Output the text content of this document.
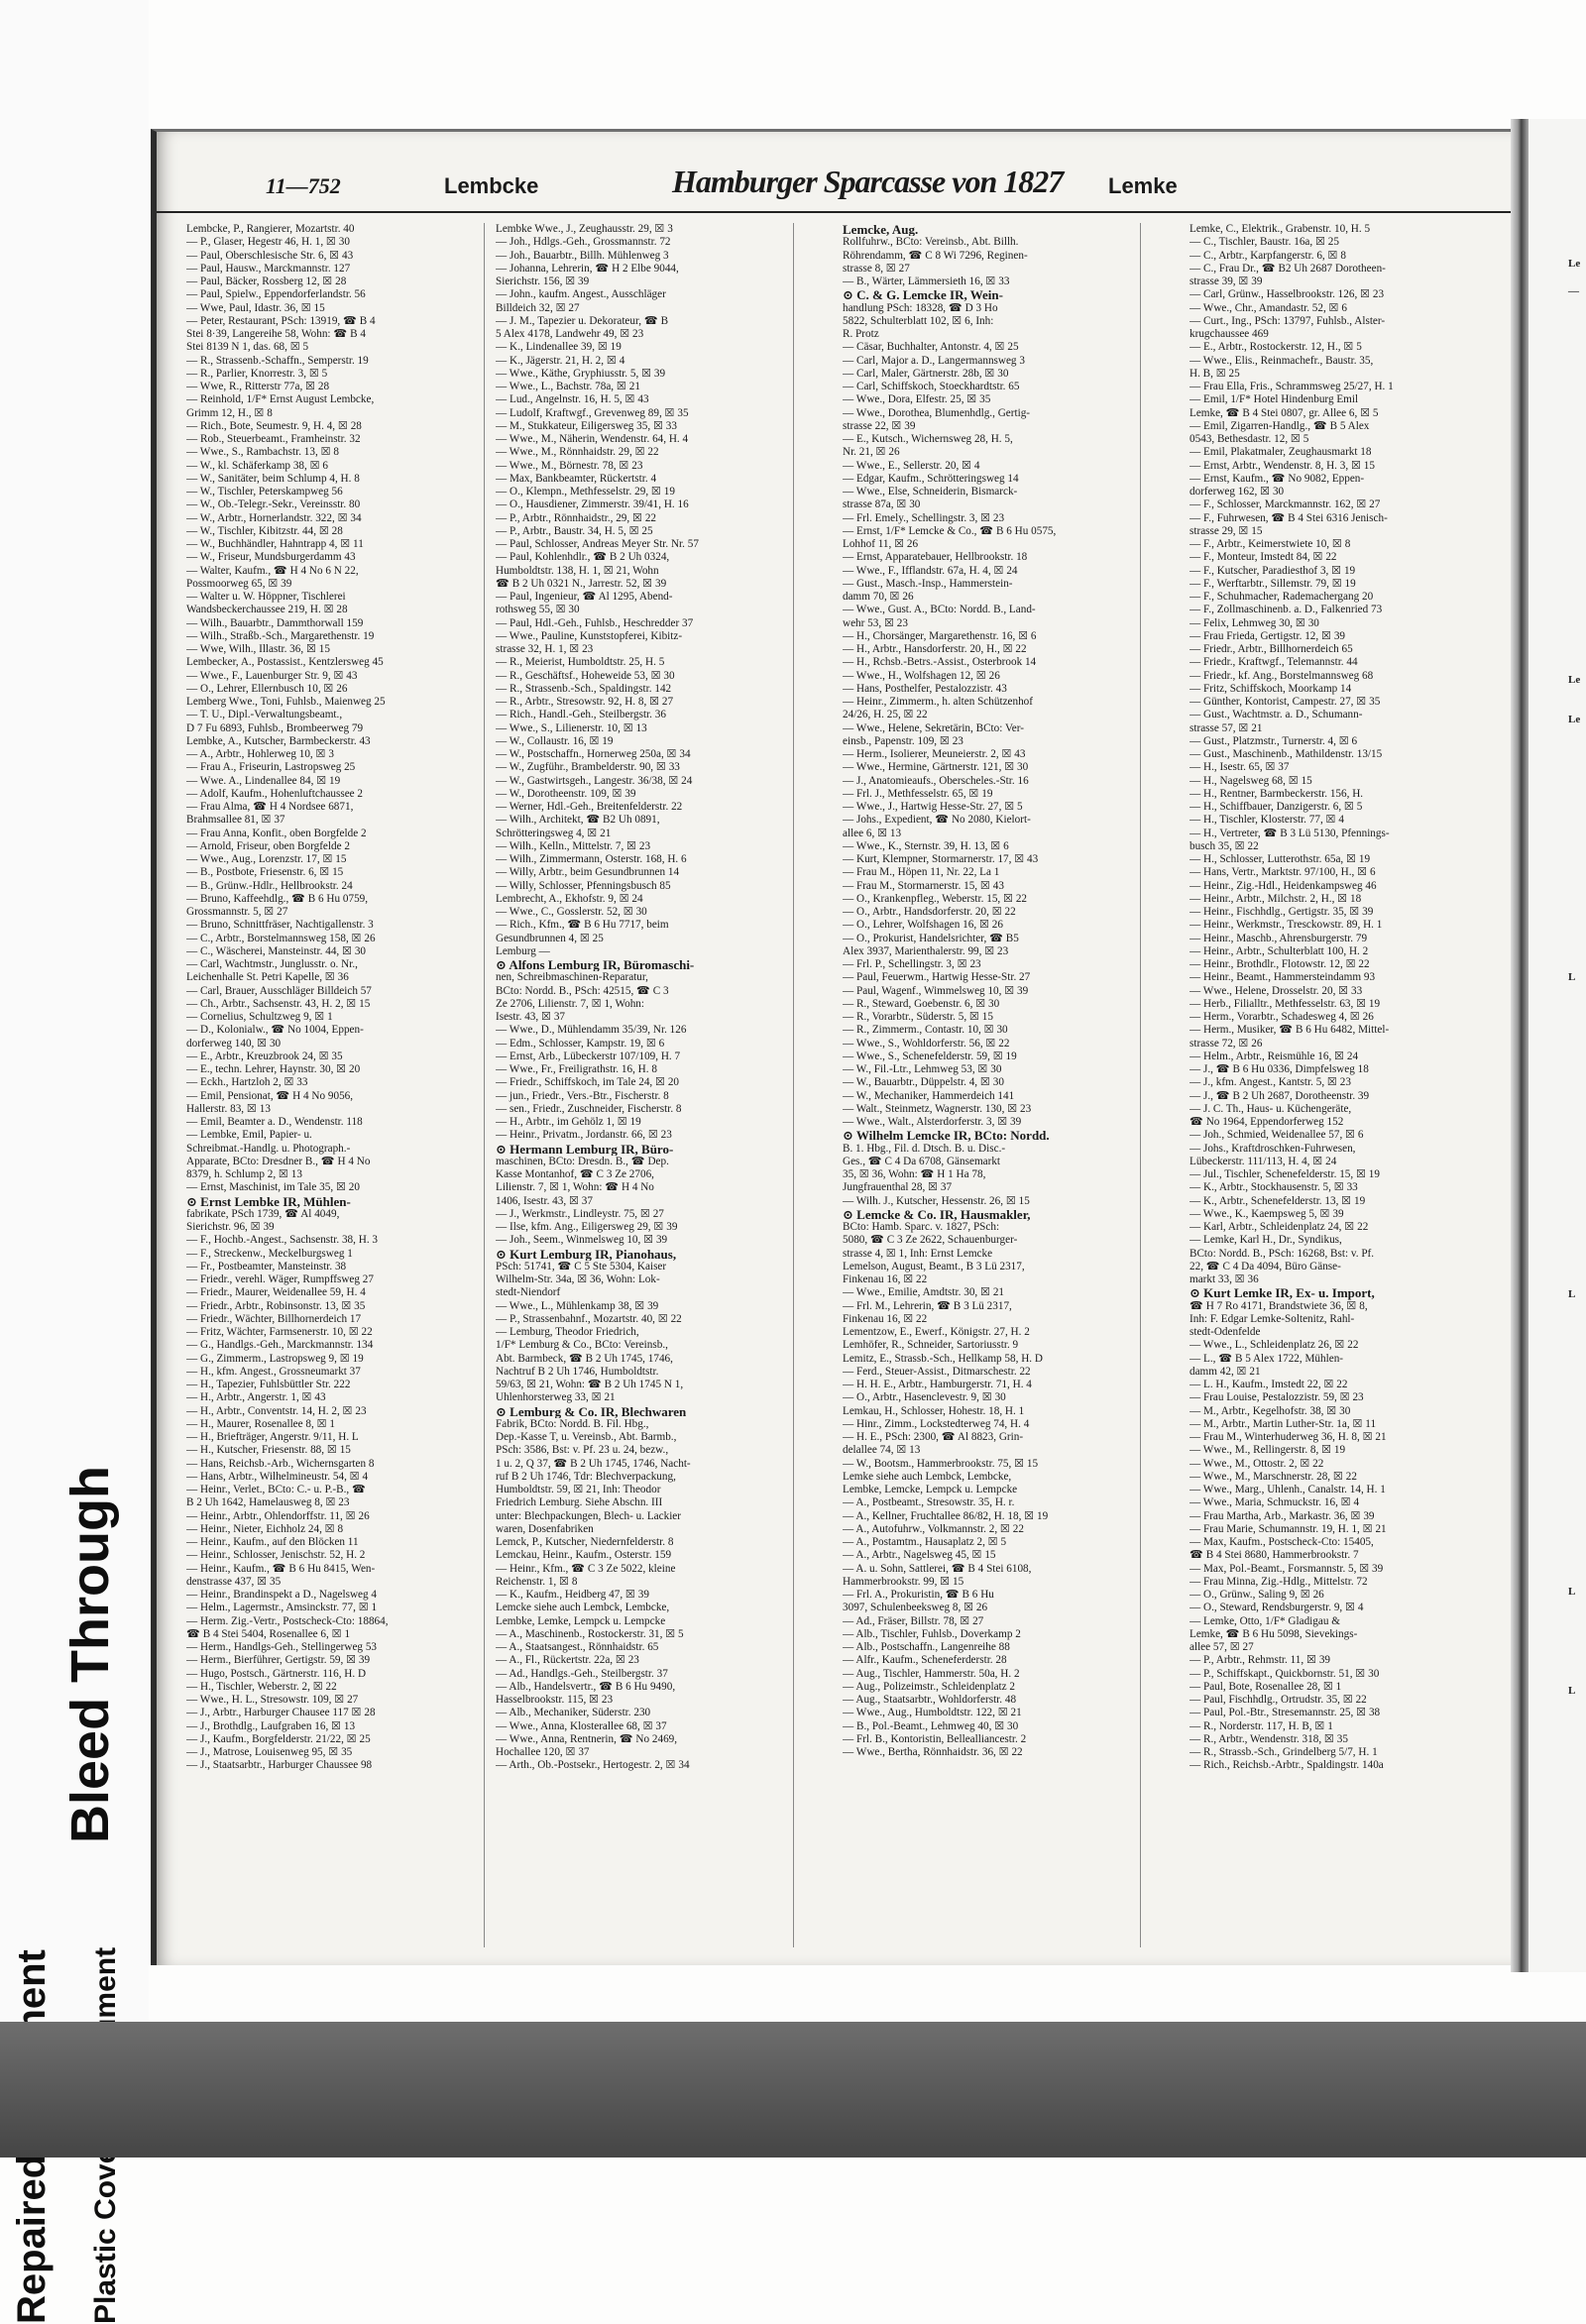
Bleed Through
11—752	Lembcke	Hamburger Sparcasse von 1827 Lemke
Lembcke, P., Rangierer, Mozartstr. 40
— P., Glaser, Hegestr 46, H. 1, ☒ 30
— Paul, Oberschlesische Str. 6, ☒ 43
— Paul, Hausw., Marckmannstr. 127
— Paul, Bäcker, Rossberg 12, ☒ 28
— Paul, Spielw., Eppendorferlandstr. 56
— Wwe, Paul, Idastr. 36, ☒ 15
— Peter, Restaurant, PSch: 13919, ☎ B 4
Stei 8·39, Langereihe 58, Wohn: ☎ B 4
Stei 8139 N 1, das. 68, ☒ 5
— R., Strassenb.-Schaffn., Semperstr. 19
— R., Parlier, Knorrestr. 3, ☒ 5
— Wwe, R., Ritterstr 77a, ☒ 28
— Reinhold, 1/F* Ernst August Lembcke,
Grimm 12, H., ☒ 8
— Rich., Bote, Seumestr. 9, H. 4, ☒ 28
— Rob., Steuerbeamt., Framheinstr. 32
— Wwe., S., Rambachstr. 13, ☒ 8
— W., kl. Schäferkamp 38, ☒ 6
— W., Sanitäter, beim Schlump 4, H. 8
— W., Tischler, Peterskampweg 56
— W., Ob.-Telegr.-Sekr., Vereinsstr. 80
— W., Arbtr., Hornerlandstr. 322, ☒ 34
— W., Tischler, Kibitzstr. 44, ☒ 28
— W., Buchhändler, Hahntrapp 4, ☒ 11
— W., Friseur, Mundsburgerdamm 43
— Walter, Kaufm., ☎ H 4 No 6 N 22,
Possmoorweg 65, ☒ 39
— Walter u. W. Höppner, Tischlerei
Wandsbeckerchaussee 219, H. ☒ 28
— Wilh., Bauarbtr., Dammthorwall 159
— Wilh., Straßb.-Sch., Margarethenstr. 19
— Wwe, Wilh., Illastr. 36, ☒ 15
Lembecker, A., Postassist., Kentzlersweg 45
— Wwe., F., Lauenburger Str. 9, ☒ 43
— O., Lehrer, Ellernbusch 10, ☒ 26
Lemberg Wwe., Toni, Fuhlsb., Maienweg 25
— T. U., Dipl.-Verwaltungsbeamt.,
D 7 Fu 6893, Fuhlsb., Brombeerweg 79
Lembke, A., Kutscher, Barmbeckerstr. 43
— A., Arbtr., Hohlerweg 10, ☒ 3
— Frau A., Friseurin, Lastropsweg 25
— Wwe. A., Lindenallee 84, ☒ 19
— Adolf, Kaufm., Hohenluftchaussee 2
— Frau Alma, ☎ H 4 Nordsee 6871,
Brahmsallee 81, ☒ 37
— Frau Anna, Konfit., oben Borgfelde 2
— Arnold, Friseur, oben Borgfelde 2
— Wwe., Aug., Lorenzstr. 17, ☒ 15
— B., Postbote, Friesenstr. 6, ☒ 15
— B., Grünw.-Hdlr., Hellbrookstr. 24
— Bruno, Kaffeehdlg., ☎ B 6 Hu 0759,
Grossmannstr. 5, ☒ 27
— Bruno, Schnittfräser, Nachtigallenstr. 3
— C., Arbtr., Borstelmannsweg 158, ☒ 26
— C., Wäscherei, Mansteinstr. 44, ☒ 30
— Carl, Wachtmstr., Junglusstr. o. Nr.,
Leichenhalle St. Petri Kapelle, ☒ 36
— Carl, Brauer, Ausschläger Billdeich 57
— Ch., Arbtr., Sachsenstr. 43, H. 2, ☒ 15
— Cornelius, Schultzweg 9, ☒ 1
— D., Kolonialw., ☎ No 1004, Eppen-
dorferweg 140, ☒ 30
— E., Arbtr., Kreuzbrook 24, ☒ 35
— E., techn. Lehrer, Haynstr. 30, ☒ 20
— Eckh., Hartzloh 2, ☒ 33
— Emil, Pensionat, ☎ H 4 No 9056,
Hallerstr. 83, ☒ 13
— Emil, Beamter a. D., Wendenstr. 118
— Lembke, Emil, Papier- u.
Schreibmat.-Handlg. u. Photograph.-
Apparate, BCto: Dresdner B., ☎ H 4 No
8379, h. Schlump 2, ☒ 13
— Ernst, Maschinist, im Tale 35, ☒ 20
⊙ Ernst Lembke IR, Mühlen-
fabrikate, PSch 1739, ☎ Al 4049,
Sierichstr. 96, ☒ 39
— F., Hochb.-Angest., Sachsenstr. 38, H. 3
— F., Streckenw., Meckelburgsweg 1
— Fr., Postbeamter, Mansteinstr. 38
— Friedr., verehl. Wäger, Rumpffsweg 27
— Friedr., Maurer, Weidenallee 59, H. 4
— Friedr., Arbtr., Robinsonstr. 13, ☒ 35
— Friedr., Wächter, Billhornerdeich 17
— Fritz, Wächter, Farmsenerstr. 10, ☒ 22
— G., Handlgs.-Geh., Marckmannstr. 134
— G., Zimmerm., Lastropsweg 9, ☒ 19
— H., kfm. Angest., Grossneumarkt 37
— H., Tapezier, Fuhlsbüttler Str. 222
— H., Arbtr., Angerstr. 1, ☒ 43
— H., Arbtr., Conventstr. 14, H. 2, ☒ 23
— H., Maurer, Rosenallee 8, ☒ 1
— H., Briefträger, Angerstr. 9/11, H. L
— H., Kutscher, Friesenstr. 88, ☒ 15
— Hans, Reichsb.-Arb., Wichernsgarten 8
— Hans, Arbtr., Wilhelmineustr. 54, ☒ 4
— Heinr., Verlet., BCto: C.- u. P.-B., ☎
B 2 Uh 1642, Hamelausweg 8, ☒ 23
— Heinr., Arbtr., Ohlendorffstr. 11, ☒ 26
— Heinr., Nieter, Eichholz 24, ☒ 8
— Heinr., Kaufm., auf den Blöcken 11
— Heinr., Schlosser, Jenischstr. 52, H. 2
— Heinr., Kaufm., ☎ B 6 Hu 8415, Wen-
denstrasse 437, ☒ 35
— Heinr., Brandinspekt a D., Nagelsweg 4
— Helm., Lagermstr., Amsinckstr. 77, ☒ 1
— Herm. Zig.-Vertr., Postscheck-Cto: 18864,
☎ B 4 Stei 5404, Rosenallee 6, ☒ 1
— Herm., Handlgs-Geh., Stellingerweg 53
— Herm., Bierführer, Gertigstr. 59, ☒ 39
— Hugo, Postsch., Gärtnerstr. 116, H. D
— H., Tischler, Weberstr. 2, ☒ 22
— Wwe., H. L., Stresowstr. 109, ☒ 27
— J., Arbtr., Harburger Chausee 117 ☒ 28
— J., Brothdlg., Laufgraben 16, ☒ 13
— J., Kaufm., Borgfelderstr. 21/22, ☒ 25
— J., Matrose, Louisenweg 95, ☒ 35
— J., Staatsarbtr., Harburger Chaussee 98
Lembke Wwe., J., Zeughausstr. 29, ☒ 3
— Joh., Hdlgs.-Geh., Grossmannstr. 72
— Joh., Bauarbtr., Billh. Mühlenweg 3
— Johanna, Lehrerin, ☎ H 2 Elbe 9044,
Sierichstr. 156, ☒ 39
— John., kaufm. Angest., Ausschläger
Billdeich 32, ☒ 27
— J. M., Tapezier u. Dekorateur, ☎ B
5 Alex 4178, Landwehr 49, ☒ 23
— K., Lindenallee 39, ☒ 19
— K., Jägerstr. 21, H. 2, ☒ 4
— Wwe., Käthe, Gryphiusstr. 5, ☒ 39
— Wwe., L., Bachstr. 78a, ☒ 21
— Lud., Angelnstr. 16, H. 5, ☒ 43
— Ludolf, Kraftwgf., Grevenweg 89, ☒ 35
— M., Stukkateur, Eiligersweg 35, ☒ 33
— Wwe., M., Näherin, Wendenstr. 64, H. 4
— Wwe., M., Rönnhaidstr. 29, ☒ 22
— Wwe., M., Börnestr. 78, ☒ 23
— Max, Bankbeamter, Rückertstr. 4
— O., Klempn., Methfesselstr. 29, ☒ 19
— O., Hausdiener, Zimmerstr. 39/41, H. 16
— P., Arbtr., Rönnhaidstr., 29, ☒ 22
— P., Arbtr., Baustr. 34, H. 5, ☒ 25
— Paul, Schlosser, Andreas Meyer Str. Nr. 57
— Paul, Kohlenhdlr., ☎ B 2 Uh 0324,
Humboldtstr. 138, H. 1, ☒ 21, Wohn
☎ B 2 Uh 0321 N., Jarrestr. 52, ☒ 39
— Paul, Ingenieur, ☎ Al 1295, Abend-
rothsweg 55, ☒ 30
— Paul, Hdl.-Geh., Fuhlsb., Heschredder 37
— Wwe., Pauline, Kunststopferei, Kibitz-
strasse 32, H. 1, ☒ 23
— R., Meierist, Humboldtstr. 25, H. 5
— R., Geschäftsf., Hoheweide 53, ☒ 30
— R., Strassenb.-Sch., Spaldingstr. 142
— R., Arbtr., Stresowstr. 92, H. 8, ☒ 27
— Rich., Handl.-Geh., Steilbergstr. 36
— Wwe., S., Lilienerstr. 10, ☒ 13
— W., Collaustr. 16, ☒ 19
— W., Postschaffn., Hornerweg 250a, ☒ 34
— W., Zugführ., Brambelderstr. 90, ☒ 33
— W., Gastwirtsgeh., Langestr. 36/38, ☒ 24
— W., Dorotheenstr. 109, ☒ 39
— Werner, Hdl.-Geh., Breitenfelderstr. 22
— Wilh., Architekt, ☎ B2 Uh 0891,
Schrötteringsweg 4, ☒ 21
— Wilh., Kelln., Mittelstr. 7, ☒ 23
— Wilh., Zimmermann, Osterstr. 168, H. 6
— Willy, Arbtr., beim Gesundbrunnen 14
— Willy, Schlosser, Pfenningsbusch 85
Lembrecht, A., Ekhofstr. 9, ☒ 24
— Wwe., C., Gosslerstr. 52, ☒ 30
— Rich., Kfm., ☎ B 6 Hu 7717, beim
Gesundbrunnen 4, ☒ 25
Lemburg —
⊙ Alfons Lemburg IR, Büromaschi-
nen, Schreibmaschinen-Reparatur,
BCto: Nordd. B., PSch: 42515, ☎ C 3
Ze 2706, Lilienstr. 7, ☒ 1, Wohn:
Isestr. 43, ☒ 37
— Wwe., D., Mühlendamm 35/39, Nr. 126
— Edm., Schlosser, Kampstr. 19, ☒ 6
— Ernst, Arb., Lübeckerstr 107/109, H. 7
— Wwe., Fr., Freiligrathstr. 16, H. 8
— Friedr., Schiffskoch, im Tale 24, ☒ 20
— jun., Friedr., Vers.-Btr., Fischerstr. 8
— sen., Friedr., Zuschneider, Fischerstr. 8
— H., Arbtr., im Gehölz 1, ☒ 19
— Heinr., Privatm., Jordanstr. 66, ☒ 23
⊙ Hermann Lemburg IR, Büro-
maschinen, BCto: Dresdn. B., ☎ Dep.
Kasse Montanhof, ☎ C 3 Ze 2706,
Lilienstr. 7, ☒ 1, Wohn: ☎ H 4 No
1406, Isestr. 43, ☒ 37
— J., Werkmstr., Lindleystr. 75, ☒ 27
— Ilse, kfm. Ang., Eiligersweg 29, ☒ 39
— Joh., Seem., Winmelsweg 10, ☒ 39
⊙ Kurt Lemburg IR, Pianohaus,
PSch: 51741, ☎ C 5 Ste 5304, Kaiser
Wilhelm-Str. 34a, ☒ 36, Wohn: Lok-
stedt-Niendorf
— Wwe., L., Mühlenkamp 38, ☒ 39
— P., Strassenbahnf., Mozartstr. 40, ☒ 22
— Lemburg, Theodor Friedrich,
1/F* Lemburg & Co., BCto: Vereinsb.,
Abt. Barmbeck, ☎ B 2 Uh 1745, 1746,
Nachtruf B 2 Uh 1746, Humboldtstr.
59/63, ☒ 21, Wohn: ☎ B 2 Uh 1745 N 1,
Uhlenhorsterweg 33, ☒ 21
⊙ Lemburg & Co. IR, Blechwaren
Fabrik, BCto: Nordd. B. Fil. Hbg.,
Dep.-Kasse T, u. Vereinsb., Abt. Barmb.,
PSch: 3586, Bst: v. Pf. 23 u. 24, bezw.,
1 u. 2, Q 37, ☎ B 2 Uh 1745, 1746, Nacht-
ruf B 2 Uh 1746, Tdr: Blechverpackung,
Humboldtstr. 59, ☒ 21, Inh: Theodor
Friedrich Lemburg. Siehe Abschn. III
unter: Blechpackungen, Blech- u. Lackier
waren, Dosenfabriken
Lemck, P., Kutscher, Niedernfelderstr. 8
Lemckau, Heinr., Kaufm., Osterstr. 159
— Heinr., Kfm., ☎ C 3 Ze 5022, kleine
Reichenstr. 1, ☒ 8
— K., Kaufm., Heidberg 47, ☒ 39
Lemcke siehe auch Lembck, Lembcke,
Lembke, Lemke, Lempck u. Lempcke
— A., Maschinenb., Rostockerstr. 31, ☒ 5
— A., Staatsangest., Rönnhaidstr. 65
— A., Fl., Rückertstr. 22a, ☒ 23
— Ad., Handlgs.-Geh., Steilbergstr. 37
— Alb., Handelsvertr., ☎ B 6 Hu 9490,
Hasselbrookstr. 115, ☒ 23
— Alb., Mechaniker, Süderstr. 230
— Wwe., Anna, Klosterallee 68, ☒ 37
— Wwe., Anna, Rentnerin, ☎ No 2469,
Hochallee 120, ☒ 37
— Arth., Ob.-Postsekr., Hertogestr. 2, ☒ 34
Lemcke, Aug.
Rollfuhrw., BCto: Vereinsb., Abt. Billh.
Röhrendamm, ☎ C 8 Wi 7296, Reginen-
strasse 8, ☒ 27
— B., Wärter, Lämmersieth 16, ☒ 33
⊙ C. & G. Lemcke IR, Wein-
handlung PSch: 18328, ☎ D 3 Ho
5822, Schulterblatt 102, ☒ 6, Inh:
R. Protz
— Cäsar, Buchhalter, Antonstr. 4, ☒ 25
— Carl, Major a. D., Langermannsweg 3
— Carl, Maler, Gärtnerstr. 28b, ☒ 30
— Carl, Schiffskoch, Stoeckhardtstr. 65
— Wwe., Dora, Elfestr. 25, ☒ 35
— Wwe., Dorothea, Blumenhdlg., Gertig-
strasse 22, ☒ 39
— E., Kutsch., Wichernsweg 28, H. 5,
Nr. 21, ☒ 26
— Wwe., E., Sellerstr. 20, ☒ 4
— Edgar, Kaufm., Schrötteringsweg 14
— Wwe., Else, Schneiderin, Bismarck-
strasse 87a, ☒ 30
— Frl. Emely., Schellingstr. 3, ☒ 23
— Ernst, 1/F* Lemcke & Co., ☎ B 6 Hu 0575,
Lohhof 11, ☒ 26
— Ernst, Apparatebauer, Hellbrookstr. 18
— Wwe., F., Ifflandstr. 67a, H. 4, ☒ 24
— Gust., Masch.-Insp., Hammerstein-
damm 70, ☒ 26
— Wwe., Gust. A., BCto: Nordd. B., Land-
wehr 53, ☒ 23
— H., Chorsänger, Margarethenstr. 16, ☒ 6
— H., Arbtr., Hansdorferstr. 20, H., ☒ 22
— H., Rchsb.-Betrs.-Assist., Osterbrook 14
— Wwe., H., Wolfshagen 12, ☒ 26
— Hans, Posthelfer, Pestalozzistr. 43
— Heinr., Zimmerm., h. alten Schützenhof
24/26, H. 25, ☒ 22
— Wwe., Helene, Sekretärin, BCto: Ver-
einsb., Papenstr. 109, ☒ 23
— Herm., Isolierer, Meuneierstr. 2, ☒ 43
— Wwe., Hermine, Gärtnerstr. 121, ☒ 30
— J., Anatomieaufs., Oberscheles.-Str. 16
— Frl. J., Methfesselstr. 65, ☒ 19
— Wwe., J., Hartwig Hesse-Str. 27, ☒ 5
— Johs., Expedient, ☎ No 2080, Kielort-
allee 6, ☒ 13
— Wwe., K., Sternstr. 39, H. 13, ☒ 6
— Kurt, Klempner, Stormarnerstr. 17, ☒ 43
— Frau M., Höpen 11, Nr. 22, La 1
— Frau M., Stormarnerstr. 15, ☒ 43
— O., Krankenpfleg., Weberstr. 15, ☒ 22
— O., Arbtr., Handsdorferstr. 20, ☒ 22
— O., Lehrer, Wolfshagen 16, ☒ 26
— O., Prokurist, Handelsrichter, ☎ B5
Alex 3937, Marienthalerstr. 99, ☒ 23
— Frl. P., Schellingstr. 3, ☒ 23
— Paul, Feuerwm., Hartwig Hesse-Str. 27
— Paul, Wagenf., Wimmelsweg 10, ☒ 39
— R., Steward, Goebenstr. 6, ☒ 30
— R., Vorarbtr., Süderstr. 5, ☒ 15
— R., Zimmerm., Contastr. 10, ☒ 30
— Wwe., S., Wohldorferstr. 56, ☒ 22
— Wwe., S., Schenefelderstr. 59, ☒ 19
— W., Fil.-Ltr., Lehmweg 53, ☒ 30
— W., Bauarbtr., Düppelstr. 4, ☒ 30
— W., Mechaniker, Hammerdeich 141
— Walt., Steinmetz, Wagnerstr. 130, ☒ 23
— Wwe., Walt., Alsterdorferstr. 3, ☒ 39
⊙ Wilhelm Lemcke IR, BCto: Nordd.
B. 1. Hbg., Fil. d. Dtsch. B. u. Disc.-
Ges., ☎ C 4 Da 6708, Gänsemarkt
35, ☒ 36, Wohn: ☎ H 1 Ha 78,
Jungfrauenthal 28, ☒ 37
— Wilh. J., Kutscher, Hessenstr. 26, ☒ 15
⊙ Lemcke & Co. IR, Hausmakler,
BCto: Hamb. Sparc. v. 1827, PSch:
5080, ☎ C 3 Ze 2622, Schauenburger-
strasse 4, ☒ 1, Inh: Ernst Lemcke
Lemelson, August, Beamt., B 3 Lü 2317,
Finkenau 16, ☒ 22
— Wwe., Emilie, Amdtstr. 30, ☒ 21
— Frl. M., Lehrerin, ☎ B 3 Lü 2317,
Finkenau 16, ☒ 22
Lementzow, E., Ewerf., Königstr. 27, H. 2
Lemhöfer, R., Schneider, Sartoriusstr. 9
Lemitz, E., Strassb.-Sch., Hellkamp 58, H. D
— Ferd., Steuer-Assist., Ditmarschestr. 22
— H. H. E., Arbtr., Hamburgerstr. 71, H. 4
— O., Arbtr., Hasenclevestr. 9, ☒ 30
Lemkau, H., Schlosser, Hohestr. 18, H. 1
— Hinr., Zimm., Lockstedterweg 74, H. 4
— H. E., PSch: 2300, ☎ Al 8823, Grin-
delallee 74, ☒ 13
— W., Bootsm., Hammerbrookstr. 75, ☒ 15
Lemke siehe auch Lembck, Lembcke,
Lembke, Lemcke, Lempck u. Lempcke
— A., Postbeamt., Stresowstr. 35, H. r.
— A., Kellner, Fruchtallee 86/82, H. 18, ☒ 19
— A., Autofuhrw., Volkmannstr. 2, ☒ 22
— A., Postamtm., Hausaplatz 2, ☒ 5
— A., Arbtr., Nagelsweg 45, ☒ 15
— A. u. Sohn, Sattlerei, ☎ B 4 Stei 6108,
Hammerbrookstr. 99, ☒ 15
— Frl. A., Prokuristin, ☎ B 6 Hu
3097, Schulenbeeksweg 8, ☒ 26
— Ad., Fräser, Billstr. 78, ☒ 27
— Alb., Tischler, Fuhlsb., Doverkamp 2
— Alb., Postschaffn., Langenreihe 88
— Alfr., Kaufm., Scheneferderstr. 28
— Aug., Tischler, Hammerstr. 50a, H. 2
— Aug., Polizeimstr., Schleidenplatz 2
— Aug., Staatsarbtr., Wohldorferstr. 48
— Wwe., Aug., Humboldtstr. 122, ☒ 21
— B., Pol.-Beamt., Lehmweg 40, ☒ 30
— Frl. B., Kontoristin, Bellealliancestr. 2
— Wwe., Bertha, Rönnhaidstr. 36, ☒ 22
Lemke, C., Elektrik., Grabenstr. 10, H. 5
— C., Tischler, Baustr. 16a, ☒ 25
— C., Arbtr., Karpfangerstr. 6, ☒ 8
— C., Frau Dr., ☎ B2 Uh 2687 Dorotheen-
strasse 39, ☒ 39
— Carl, Grünw., Hasselbrookstr. 126, ☒ 23
— Wwe., Chr., Amandastr. 52, ☒ 6
— Curt., Ing., PSch: 13797, Fuhlsb., Alster-
krugchaussee 469
— E., Arbtr., Rostockerstr. 12, H., ☒ 5
— Wwe., Elis., Reinmachefr., Baustr. 35,
H. B, ☒ 25
— Frau Ella, Fris., Schrammsweg 25/27, H. 1
— Emil, 1/F* Hotel Hindenburg Emil
Lemke, ☎ B 4 Stei 0807, gr. Allee 6, ☒ 5
— Emil, Zigarren-Handlg., ☎ B 5 Alex
0543, Bethesdastr. 12, ☒ 5
— Emil, Plakatmaler, Zeughausmarkt 18
— Ernst, Arbtr., Wendenstr. 8, H. 3, ☒ 15
— Ernst, Kaufm., ☎ No 9082, Eppen-
dorferweg 162, ☒ 30
— F., Schlosser, Marckmannstr. 162, ☒ 27
— F., Fuhrwesen, ☎ B 4 Stei 6316 Jenisch-
strasse 29, ☒ 15
— F., Arbtr., Keimerstwiete 10, ☒ 8
— F., Monteur, Imstedt 84, ☒ 22
— F., Kutscher, Paradiesthof 3, ☒ 19
— F., Werftarbtr., Sillemstr. 79, ☒ 19
— F., Schuhmacher, Rademachergang 20
— F., Zollmaschinenb. a. D., Falkenried 73
— Felix, Lehmweg 30, ☒ 30
— Frau Frieda, Gertigstr. 12, ☒ 39
— Friedr., Arbtr., Billhornerdeich 65
— Friedr., Kraftwgf., Telemannstr. 44
— Friedr., kf. Ang., Borstelmannsweg 68
— Fritz, Schiffskoch, Moorkamp 14
— Günther, Kontorist, Campestr. 27, ☒ 35
— Gust., Wachtmstr. a. D., Schumann-
strasse 57, ☒ 21
— Gust., Platzmstr., Turnerstr. 4, ☒ 6
— Gust., Maschinenb., Mathildenstr. 13/15
— H., Isestr. 65, ☒ 37
— H., Nagelsweg 68, ☒ 15
— H., Rentner, Barmbeckerstr. 156, H.
— H., Schiffbauer, Danzigerstr. 6, ☒ 5
— H., Tischler, Klosterstr. 77, ☒ 4
— H., Vertreter, ☎ B 3 Lü 5130, Pfennings-
busch 35, ☒ 22
— H., Schlosser, Lutterothstr. 65a, ☒ 19
— Hans, Vertr., Marktstr. 97/100, H., ☒ 6
— Heinr., Zig.-Hdl., Heidenkampsweg 46
— Heinr., Arbtr., Milchstr. 2, H., ☒ 18
— Heinr., Fischhdlg., Gertigstr. 35, ☒ 39
— Heinr., Werkmstr., Tresckowstr. 89, H. 1
— Heinr., Maschb., Ahrensburgerstr. 79
— Heinr., Arbtr., Schulterblatt 100, H. 2
— Heinr., Brothdlr., Flotowstr. 12, ☒ 22
— Heinr., Beamt., Hammersteindamm 93
— Wwe., Helene, Drosselstr. 20, ☒ 33
— Herb., Filialltr., Methfesselstr. 63, ☒ 19
— Herm., Vorarbtr., Schadesweg 4, ☒ 26
— Herm., Musiker, ☎ B 6 Hu 6482, Mittel-
strasse 72, ☒ 26
— Helm., Arbtr., Reismühle 16, ☒ 24
— J., ☎ B 6 Hu 0336, Dimpfelsweg 18
— J., kfm. Angest., Kantstr. 5, ☒ 23
— J., ☎ B 2 Uh 2687, Dorotheenstr. 39
— J. C. Th., Haus- u. Küchengeräte,
☎ No 1964, Eppendorferweg 152
— Joh., Schmied, Weidenallee 57, ☒ 6
— Johs., Kraftdroschken-Fuhrwesen,
Lübeckerstr. 111/113, H. 4, ☒ 24
— Jul., Tischler, Schenefelderstr. 15, ☒ 19
— K., Arbtr., Stockhausenstr. 5, ☒ 33
— K., Arbtr., Schenefelderstr. 13, ☒ 19
— Wwe., K., Kaempsweg 5, ☒ 39
— Karl, Arbtr., Schleidenplatz 24, ☒ 22
— Lemke, Karl H., Dr., Syndikus,
BCto: Nordd. B., PSch: 16268, Bst: v. Pf.
22, ☎ C 4 Da 4094, Büro Gänse-
markt 33, ☒ 36
⊙ Kurt Lemke IR, Ex- u. Import,
☎ H 7 Ro 4171, Brandstwiete 36, ☒ 8,
Inh: F. Edgar Lemke-Soltenitz, Rahl-
stedt-Odenfelde
— Wwe., L., Schleidenplatz 26, ☒ 22
— L., ☎ B 5 Alex 1722, Mühlen-
damm 42, ☒ 21
— L. H., Kaufm., Imstedt 22, ☒ 22
— Frau Louise, Pestalozzistr. 59, ☒ 23
— M., Arbtr., Kegelhofstr. 38, ☒ 30
— M., Arbtr., Martin Luther-Str. 1a, ☒ 11
— Frau M., Winterhuderweg 36, H. 8, ☒ 21
— Wwe., M., Rellingerstr. 8, ☒ 19
— Wwe., M., Ottostr. 2, ☒ 22
— Wwe., M., Marschnerstr. 28, ☒ 22
— Wwe., Marg., Uhlenh., Canalstr. 14, H. 1
— Wwe., Maria, Schmuckstr. 16, ☒ 4
— Frau Martha, Arb., Markastr. 36, ☒ 39
— Frau Marie, Schumannstr. 19, H. 1, ☒ 21
— Max, Kaufm., Postscheck-Cto: 15405,
☎ B 4 Stei 8680, Hammerbrookstr. 7
— Max, Pol.-Beamt., Forsmannstr. 5, ☒ 39
— Frau Minna, Zig.-Hdlg., Mittelstr. 72
— O., Grünw., Saling 9, ☒ 26
— O., Steward, Rendsburgerstr. 9, ☒ 4
— Lemke, Otto, 1/F* Gladigau &
Lemke, ☎ B 6 Hu 5098, Sievekings-
allee 57, ☒ 27
— P., Arbtr., Rehmstr. 11, ☒ 39
— P., Schiffskapt., Quickbornstr. 51, ☒ 30
— Paul, Bote, Rosenallee 28, ☒ 1
— Paul, Fischhdlg., Ortrudstr. 35, ☒ 22
— Paul, Pol.-Btr., Stresemannstr. 25, ☒ 38
— R., Norderstr. 117, H. B, ☒ 1
— R., Arbtr., Wendenstr. 318, ☒ 35
— R., Strassb.-Sch., Grindelberg 5/7, H. 1
— Rich., Reichsb.-Arbtr., Spaldingstr. 140a
Le
—
Le
Le
L
L
L
L
